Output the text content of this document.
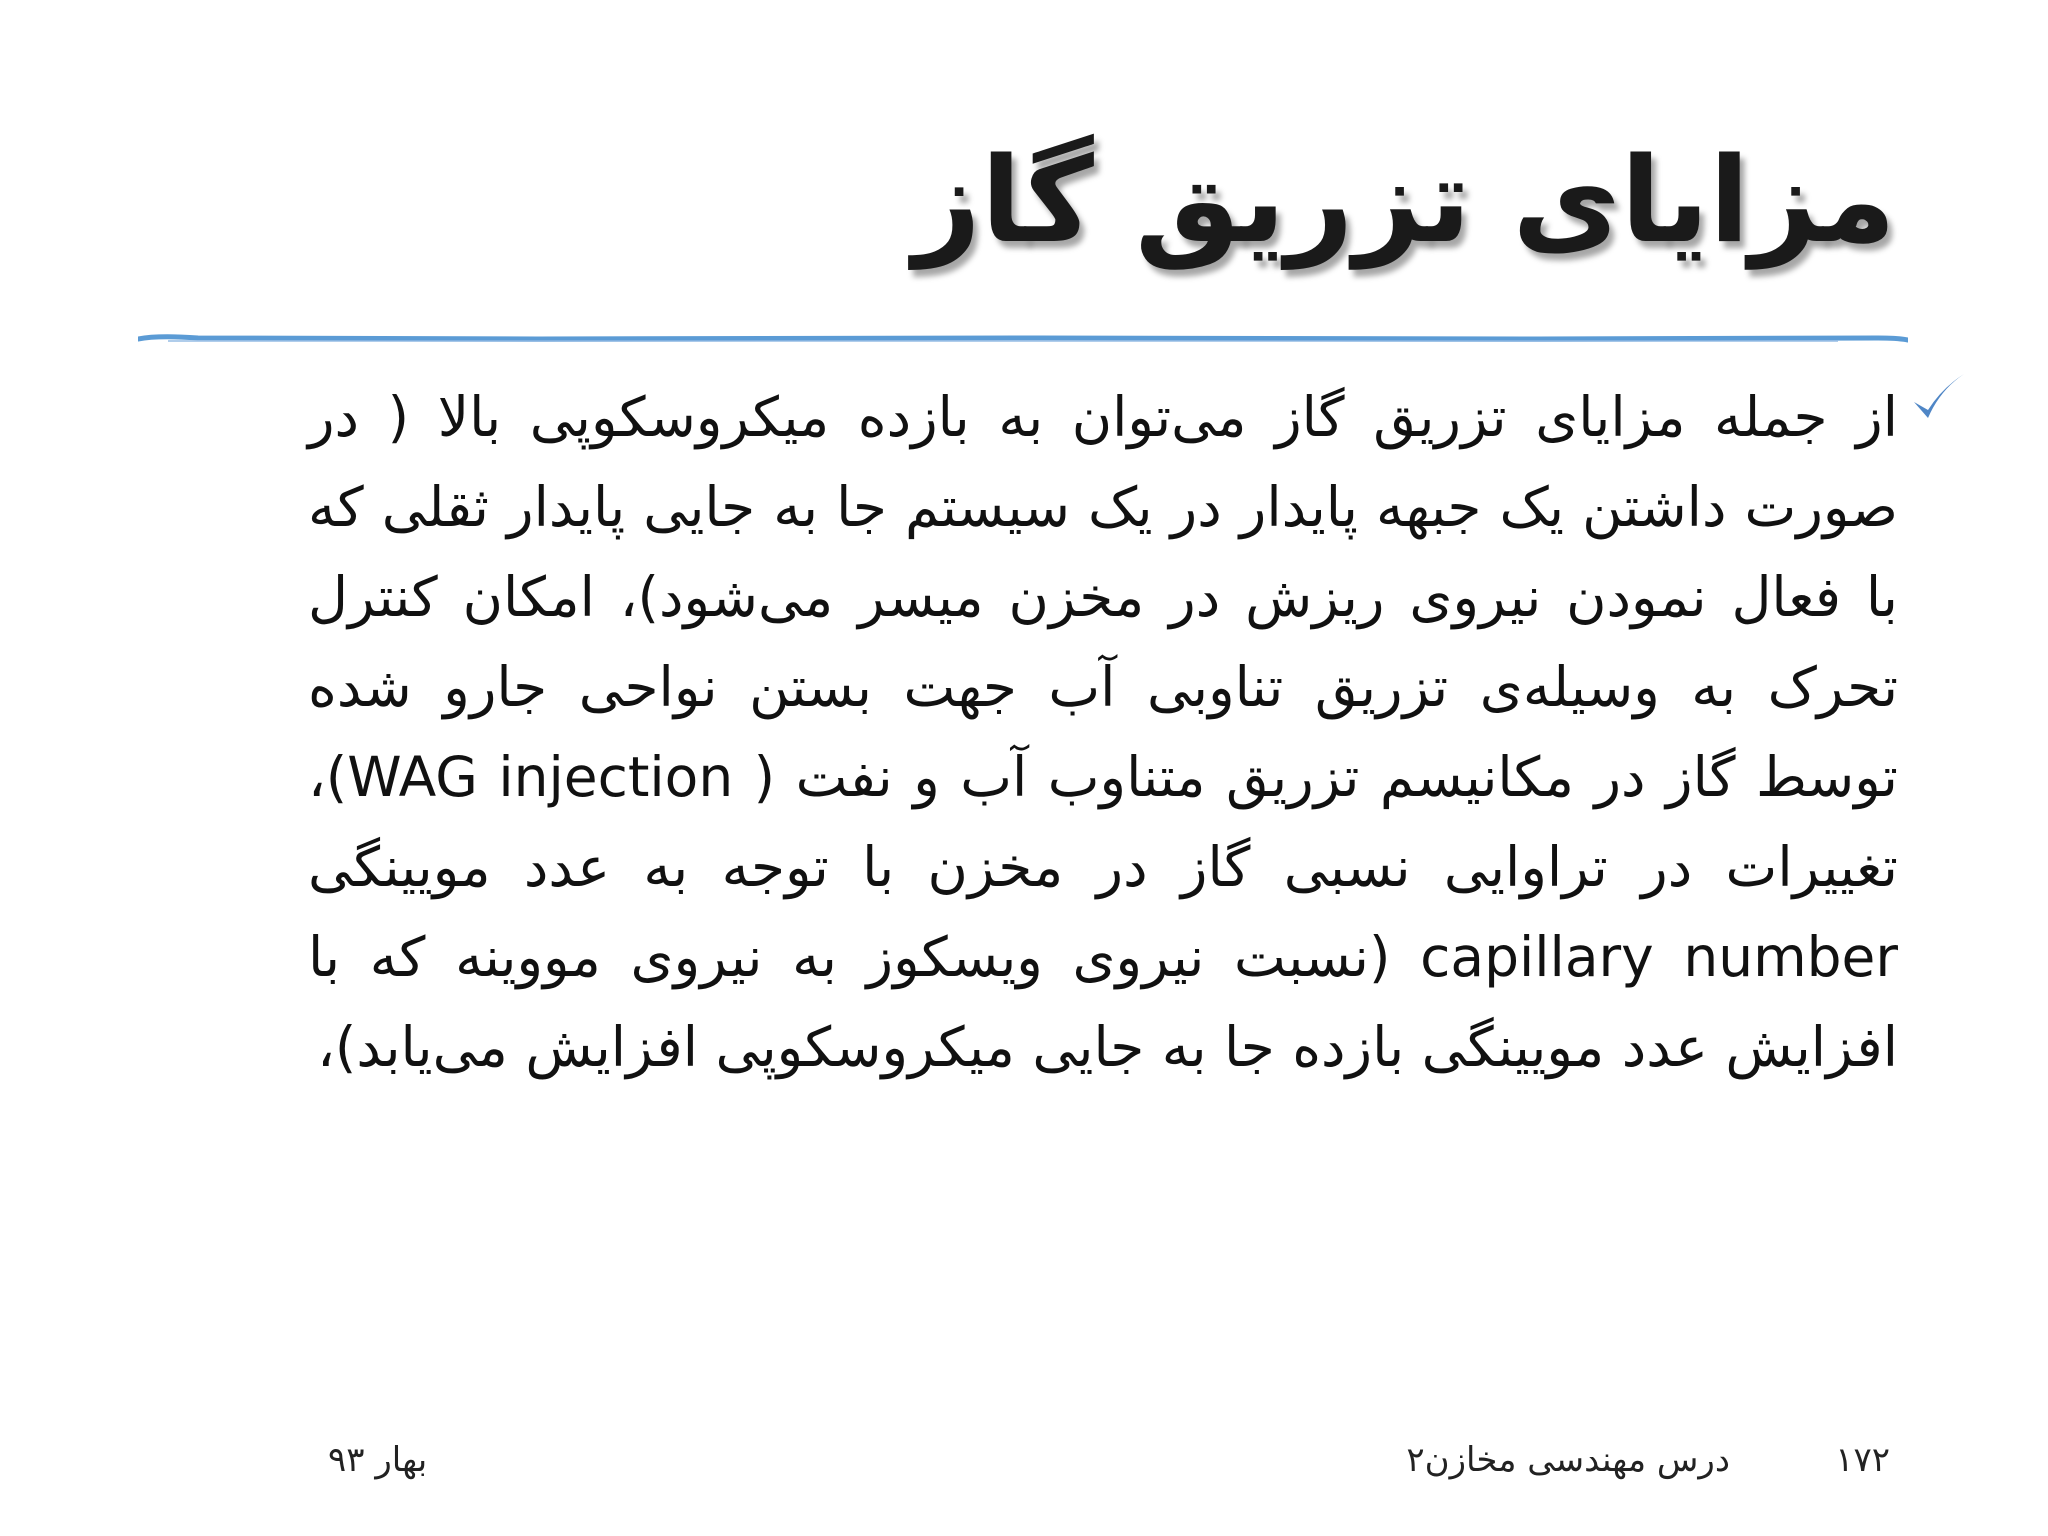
مزایای تزریق گاز
از جمله مزایای تزریق گاز می‌توان به بازده میکروسکوپی بالا ( در صورت داشتن یک جبهه پایدار در یک سیستم جا به جایی پایدار ثقلی که با فعال نمودن نیروی ریزش در مخزن میسر می‌شود)، امکان کنترل تحرک به وسیله‌ی تزریق تناوبی آب جهت بستن نواحی جارو شده توسط گاز در مکانیسم تزریق متناوب آب و نفت ( WAG injection)، تغییرات در تراوایی نسبی گاز در مخزن با توجه به عدد مویینگی capillary number (نسبت نیروی ویسکوز به نیروی مووینه که با افزایش عدد مویینگی بازده جا به جایی میکروسکوپی افزایش می‌یابد)،
۱۷۲
درس مهندسی مخازن۲
بهار ۹۳
